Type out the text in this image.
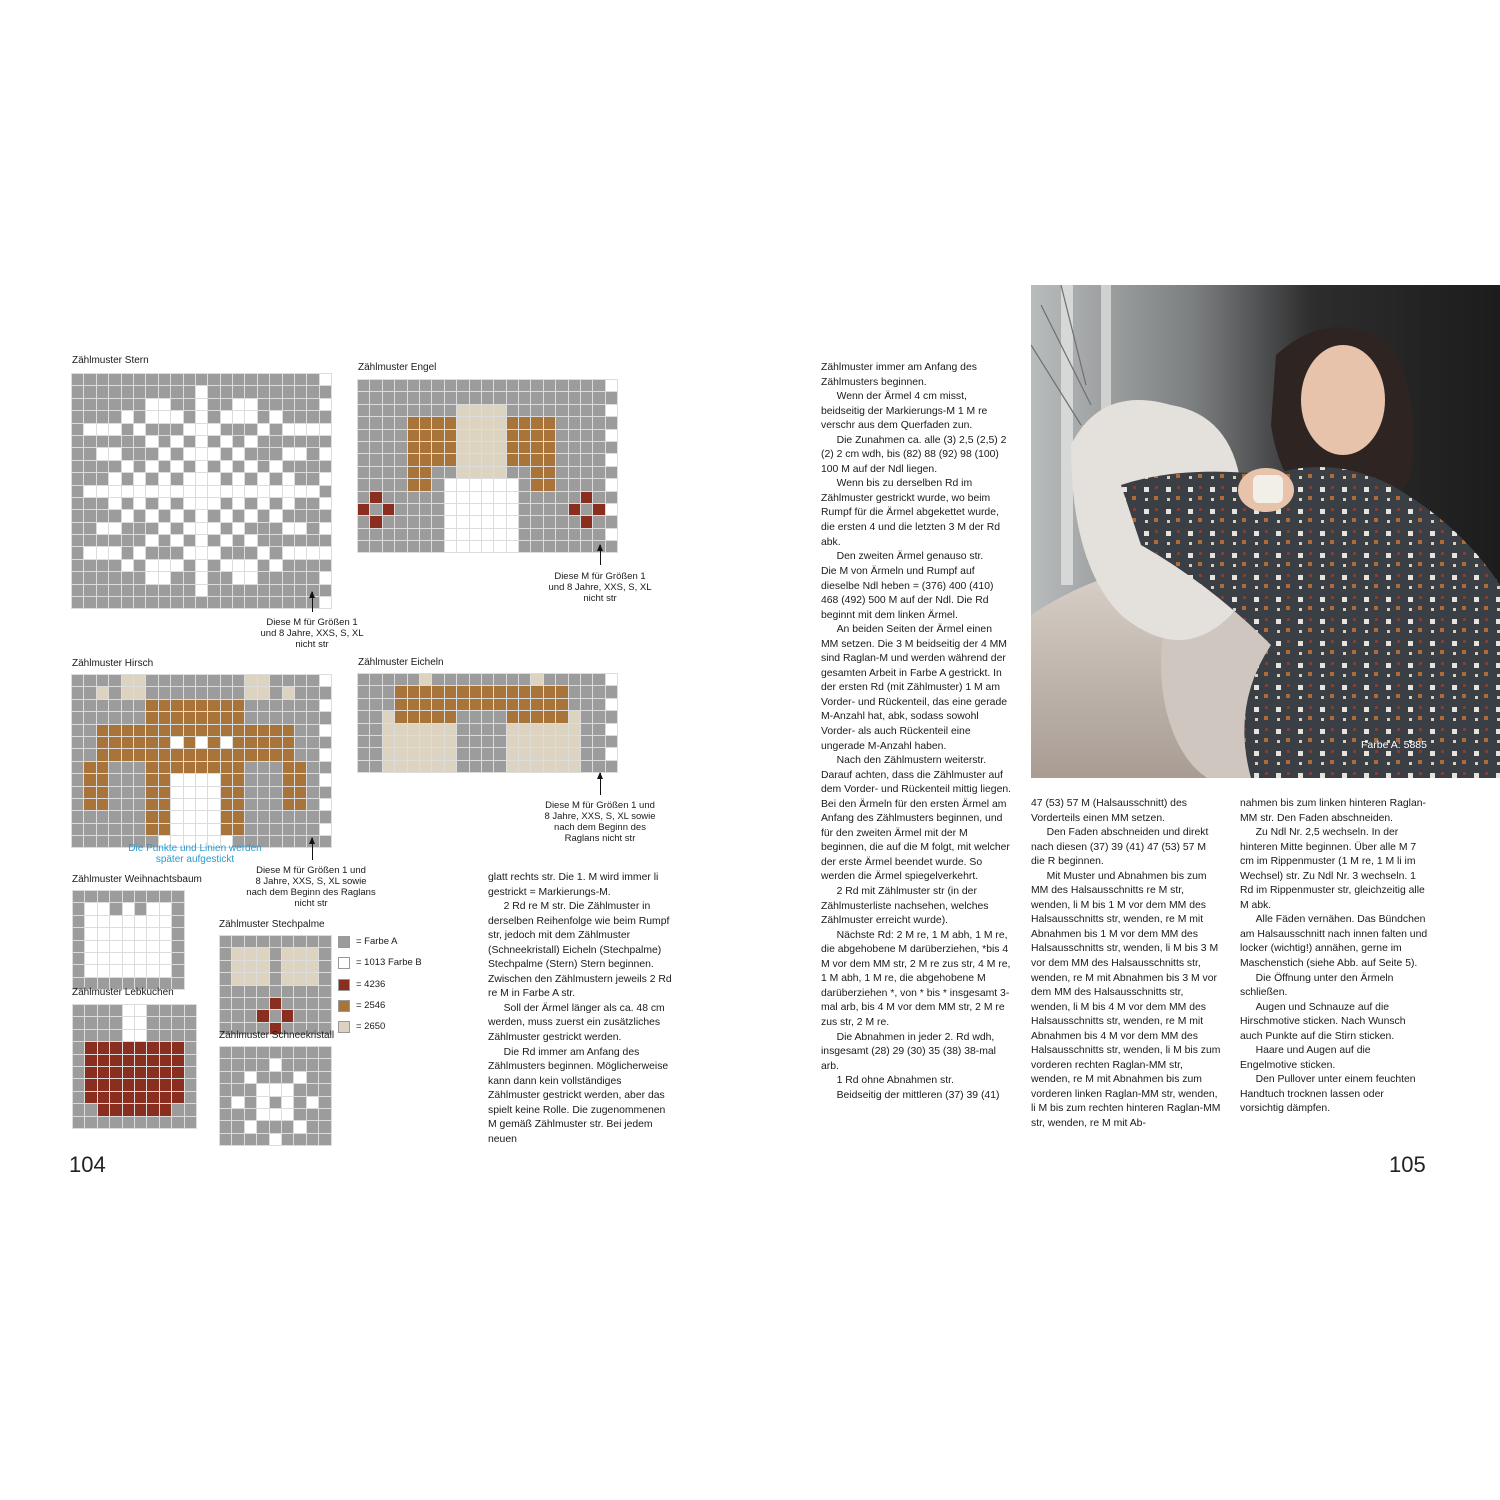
Zählmuster Stern
Diese M für Größen 1
und 8 Jahre, XXS, S, XL
nicht str
Zählmuster Engel
Diese M für Größen 1
und 8 Jahre, XXS, S, XL
nicht str
Zählmuster Hirsch
Die Punkte und Linien werden
später aufgestickt
Diese M für Größen 1 und
8 Jahre, XXS, S, XL sowie
nach dem Beginn des Raglans
nicht str
Zählmuster Eicheln
Diese M für Größen 1 und
8 Jahre, XXS, S, XL sowie
nach dem Beginn des
Raglans nicht str
Zählmuster Weihnachtsbaum
Zählmuster Lebkuchen
Zählmuster Stechpalme
Zählmuster Schneekristall
= Farbe A
= 1013 Farbe B
= 4236
= 2546
= 2650

glatt rechts str. Die 1. M wird immer li gestrickt = Markierungs-M.

2 Rd re M str. Die Zählmuster in derselben Reihenfolge wie beim Rumpf str, jedoch mit dem Zählmuster (Schneekristall) Eicheln (Stechpalme) Stechpalme (Stern) Stern beginnen. Zwischen den Zählmustern jeweils 2 Rd re M in Farbe A str.

Soll der Ärmel länger als ca. 48 cm werden, muss zuerst ein zusätzliches Zählmuster gestrickt werden.

Die Rd immer am Anfang des Zählmusters beginnen. Möglicherweise kann dann kein vollständiges Zählmuster gestrickt werden, aber das spielt keine Rolle. Die zugenommenen M gemäß Zählmuster str. Bei jedem neuen

104

Zählmuster immer am Anfang des Zählmusters beginnen.

Wenn der Ärmel 4 cm misst, beidseitig der Markierungs-M 1 M re verschr aus dem Querfaden zun.

Die Zunahmen ca. alle (3) 2,5 (2,5) 2 (2) 2 cm wdh, bis (82) 88 (92) 98 (100) 100 M auf der Ndl liegen.

Wenn bis zu derselben Rd im Zählmuster gestrickt wurde, wo beim Rumpf für die Ärmel abgekettet wurde, die ersten 4 und die letzten 3 M der Rd abk.

Den zweiten Ärmel genauso str.

Die M von Ärmeln und Rumpf auf dieselbe Ndl heben = (376) 400 (410) 468 (492) 500 M auf der Ndl. Die Rd beginnt mit dem linken Ärmel.

An beiden Seiten der Ärmel einen MM setzen. Die 3 M beidseitig der 4 MM sind Raglan-M und werden während der gesamten Arbeit in Farbe A gestrickt. In der ersten Rd (mit Zählmuster) 1 M am Vorder- und Rückenteil, das eine gerade M-Anzahl hat, abk, sodass sowohl Vorder- als auch Rückenteil eine ungerade M-Anzahl haben.

Nach den Zählmustern weiterstr. Darauf achten, dass die Zählmuster auf dem Vorder- und Rückenteil mittig liegen. Bei den Ärmeln für den ersten Ärmel am Anfang des Zählmusters beginnen, und für den zweiten Ärmel mit der M beginnen, die auf die M folgt, mit welcher der erste Ärmel beendet wurde. So werden die Ärmel spiegelverkehrt.

2 Rd mit Zählmuster str (in der Zählmusterliste nachsehen, welches Zählmuster erreicht wurde).

Nächste Rd: 2 M re, 1 M abh, 1 M re, die abgehobene M darüberziehen, *bis 4 M vor dem MM str, 2 M re zus str, 4 M re, 1 M abh, 1 M re, die abgehobene M darüberziehen *, von * bis * insgesamt 3-mal arb, bis 4 M vor dem MM str, 2 M re zus str, 2 M re.

Die Abnahmen in jeder 2. Rd wdh, insgesamt (28) 29 (30) 35 (38) 38-mal arb.

1 Rd ohne Abnahmen str.

Beidseitig der mittleren (37) 39 (41)

47 (53) 57 M (Halsausschnitt) des Vorderteils einen MM setzen.

Den Faden abschneiden und direkt nach diesen (37) 39 (41) 47 (53) 57 M die R beginnen.

Mit Muster und Abnahmen bis zum MM des Halsausschnitts re M str, wenden, li M bis 1 M vor dem MM des Halsausschnitts str, wenden, re M mit Abnahmen bis 1 M vor dem MM des Halsausschnitts str, wenden, li M bis 3 M vor dem MM des Halsausschnitts str, wenden, re M mit Abnahmen bis 3 M vor dem MM des Halsausschnitts str, wenden, li M bis 4 M vor dem MM des Halsausschnitts str, wenden, re M mit Abnahmen bis 4 M vor dem MM des Halsausschnitts str, wenden, li M bis zum vorderen rechten Raglan-MM str, wenden, re M mit Abnahmen bis zum vorderen linken Raglan-MM str, wenden, li M bis zum rechten hinteren Raglan-MM str, wenden, re M mit Ab-

nahmen bis zum linken hinteren Raglan-MM str. Den Faden abschneiden.

Zu Ndl Nr. 2,5 wechseln. In der hinteren Mitte beginnen. Über alle M 7 cm im Rippenmuster (1 M re, 1 M li im Wechsel) str. Zu Ndl Nr. 3 wechseln. 1 Rd im Rippenmuster str, gleichzeitig alle M abk.

Alle Fäden vernähen. Das Bündchen am Halsausschnitt nach innen falten und locker (wichtig!) annähen, gerne im Maschenstich (siehe Abb. auf Seite 5).

Die Öffnung unter den Ärmeln schließen.

Augen und Schnauze auf die Hirschmotive sticken. Nach Wunsch auch Punkte auf die Stirn sticken.

Haare und Augen auf die Engelmotive sticken.

Den Pullover unter einem feuchten Handtuch trocknen lassen oder vorsichtig dämpfen.

Farbe A: 5885
105
